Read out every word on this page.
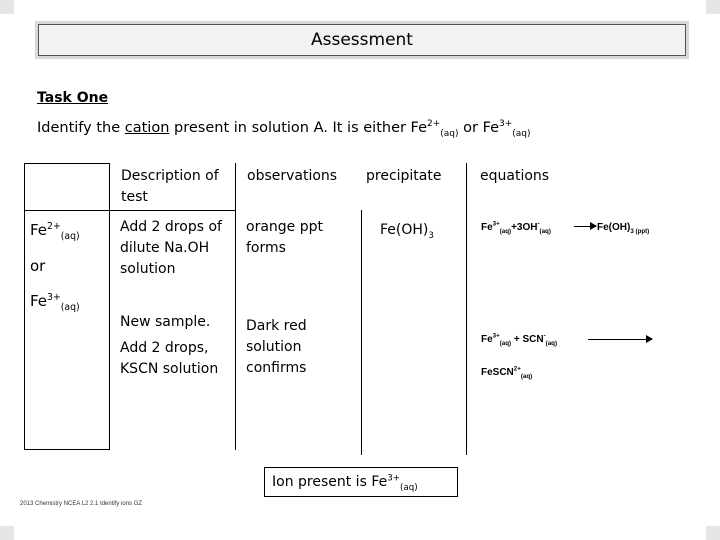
Assessment
Task One
Identify the cation present in solution A. It is either $Fe^{2+}_{(aq)}$ or $Fe^{3+}_{(aq)}$
Description of test
observations precipitate	equations
$Fe^{2+}_{(aq)}$
or
$Fe^{3+}_{(aq)}$
Add 2 drops of dilute Na.OH solution
orange ppt forms
$Fe(OH)_3$
$Fe^{3+}_{(aq)}+3OH^-_{(aq)} \to Fe(OH)_{3 (ppt)}$
New sample.
Add 2 drops, KSCN solution
Dark red solution confirms
$Fe^{3+}_{(aq)} + SCN^-_{(aq)}$
FeSCN$^{2+}_{(aq)}$
Ion present is $Fe^{3+}_{(aq)}$
2013 Chemistry NCEA L2 2.1 Identify ions GZ
